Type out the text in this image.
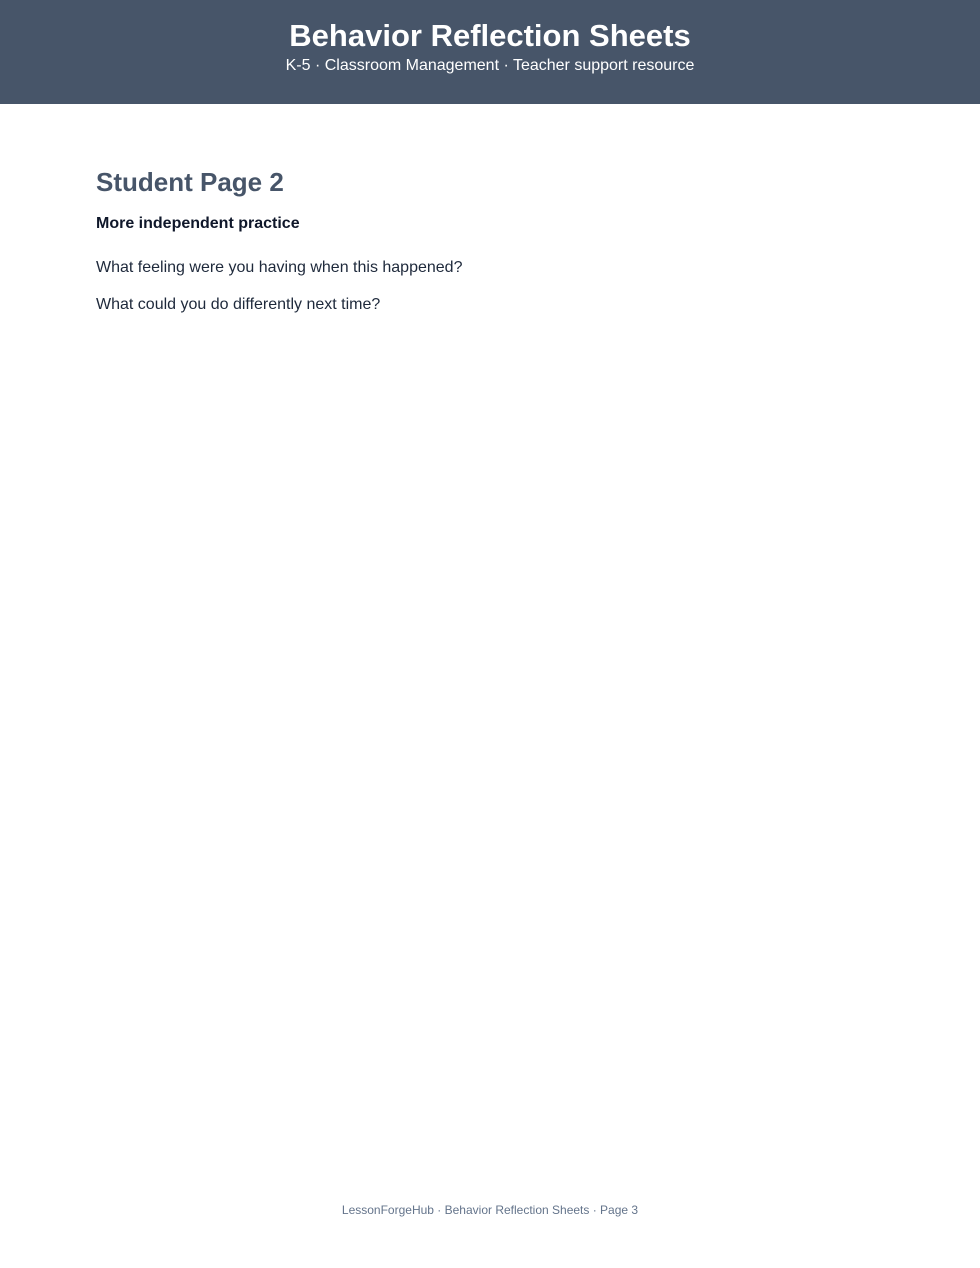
Behavior Reflection Sheets
K-5 · Classroom Management · Teacher support resource
Student Page 2
More independent practice
What feeling were you having when this happened?
What could you do differently next time?
LessonForgeHub · Behavior Reflection Sheets · Page 3
